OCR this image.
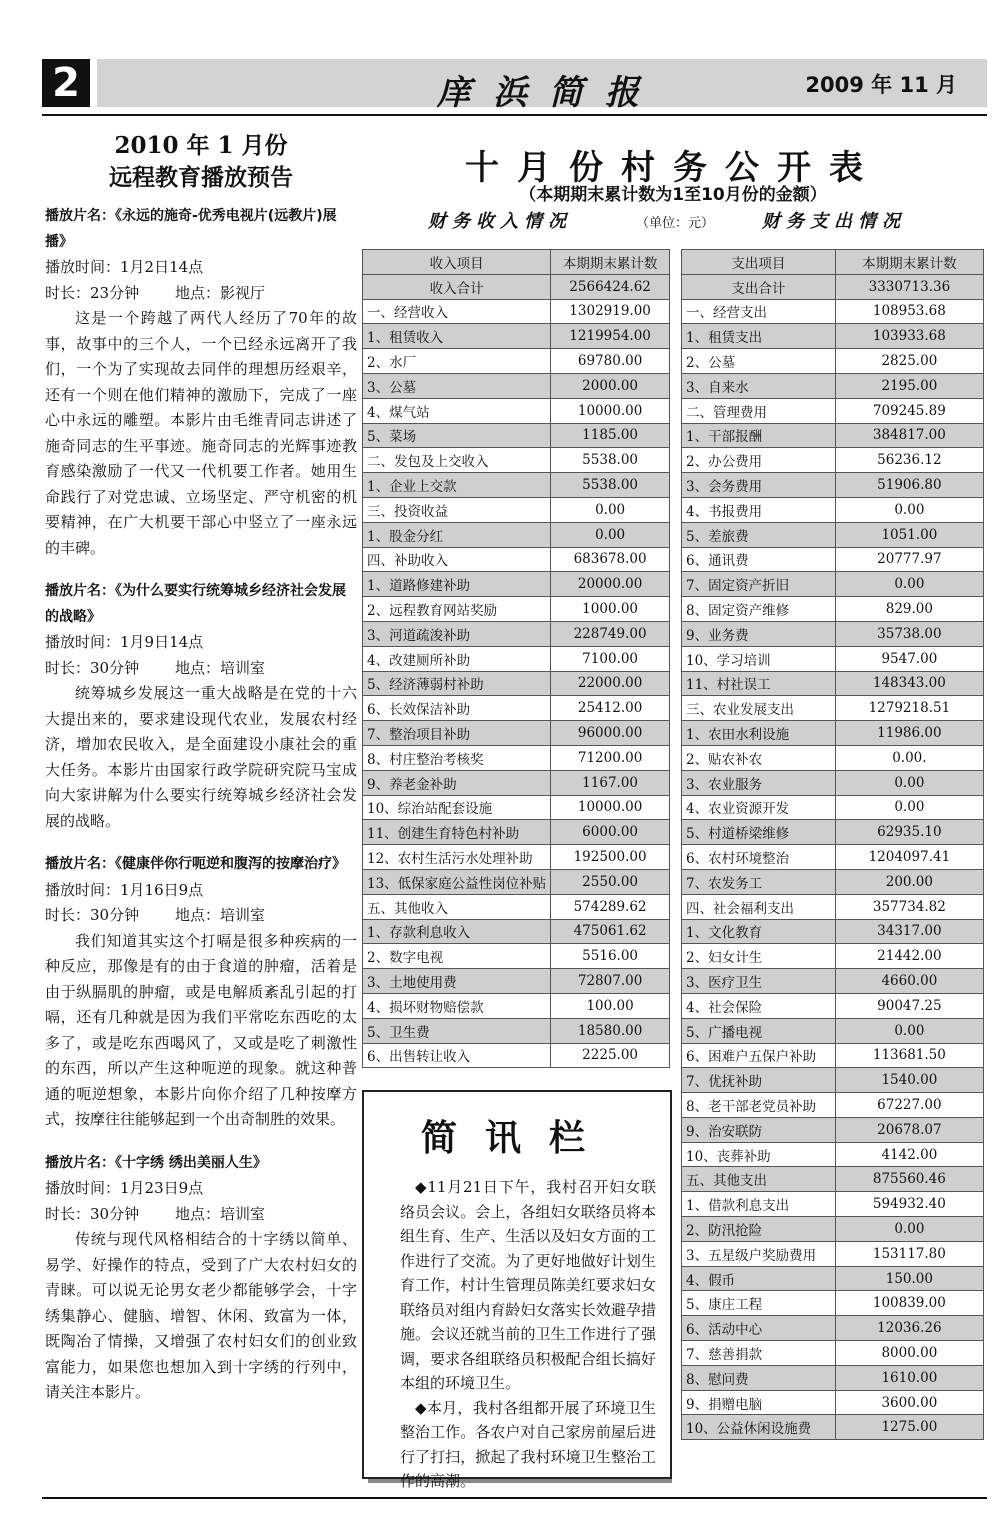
2	庠浜简报	2009 年 11 月
2010 年 1 月份
远程教育播放预告
播放片名：《永远的施奇-优秀电视片(远教片)展播》
播放时间：1月2日14点
时长：23分钟 地点：影视厅
这是一个跨越了两代人经历了70年的故事，故事中的三个人，一个已经永远离开了我们，一个为了实现故去同伴的理想历经艰辛，还有一个则在他们精神的激励下，完成了一座心中永远的雕塑。本影片由毛维青同志讲述了施奇同志的生平事迹。施奇同志的光辉事迹教育感染激励了一代又一代机要工作者。她用生命践行了对党忠诚、立场坚定、严守机密的机要精神，在广大机要干部心中竖立了一座永远的丰碑。
播放片名：《为什么要实行统筹城乡经济社会发展的战略》
播放时间：1月9日14点
时长：30分钟 地点：培训室
统筹城乡发展这一重大战略是在党的十六大提出来的，要求建设现代农业，发展农村经济，增加农民收入，是全面建设小康社会的重大任务。本影片由国家行政学院研究院马宝成向大家讲解为什么要实行统筹城乡经济社会发展的战略。
播放片名：《健康伴你行呃逆和腹泻的按摩治疗》
播放时间：1月16日9点
时长：30分钟 地点：培训室
我们知道其实这个打嗝是很多种疾病的一种反应，那像是有的由于食道的肿瘤，活着是由于纵膈肌的肿瘤，或是电解质紊乱引起的打嗝，还有几种就是因为我们平常吃东西吃的太多了，或是吃东西喝风了，又或是吃了刺激性的东西，所以产生这种呃逆的现象。就这种普通的呃逆想象，本影片向你介绍了几种按摩方式，按摩往往能够起到一个出奇制胜的效果。
播放片名：《十字绣 绣出美丽人生》
播放时间：1月23日9点
时长：30分钟 地点：培训室
传统与现代风格相结合的十字绣以简单、易学、好操作的特点，受到了广大农村妇女的青睐。可以说无论男女老少都能够学会，十字绣集静心、健脑、增智、休闲、致富为一体，既陶冶了情操，又增强了农村妇女们的创业致富能力，如果您也想加入到十字绣的行列中，请关注本影片。
十月份村务公开表
（本期期末累计数为1至10月份的金额）
财务收入情况	（单位：元）	财务支出情况
收入项目	本期期末累计数
收入合计	2566424.62
一、经营收入	1302919.00
1、租赁收入	1219954.00
2、水厂	69780.00
3、公墓	2000.00
4、煤气站	10000.00
5、菜场	1185.00
二、发包及上交收入	5538.00
1、企业上交款	5538.00
三、投资收益	0.00
1、股金分红	0.00
四、补助收入	683678.00
1、道路修建补助	20000.00
2、远程教育网站奖励	1000.00
3、河道疏浚补助	228749.00
4、改建厕所补助	7100.00
5、经济薄弱村补助	22000.00
6、长效保洁补助	25412.00
7、整治项目补助	96000.00
8、村庄整治考核奖	71200.00
9、养老金补助	1167.00
10、综治站配套设施	10000.00
11、创建生育特色村补助	6000.00
12、农村生活污水处理补助	192500.00
13、低保家庭公益性岗位补贴	2550.00
五、其他收入	574289.62
1、存款利息收入	475061.62
2、数字电视	5516.00
3、土地使用费	72807.00
4、损坏财物赔偿款	100.00
5、卫生费	18580.00
6、出售转让收入	2225.00
支出项目	本期期末累计数
支出合计	3330713.36
一、经营支出	108953.68
1、租赁支出	103933.68
2、公墓	2825.00
3、自来水	2195.00
二、管理费用	709245.89
1、干部报酬	384817.00
2、办公费用	56236.12
3、会务费用	51906.80
4、书报费用	0.00
5、差旅费	1051.00
6、通讯费	20777.97
7、固定资产折旧	0.00
8、固定资产维修	829.00
9、业务费	35738.00
10、学习培训	9547.00
11、村社误工	148343.00
三、农业发展支出	1279218.51
1、农田水利设施	11986.00
2、贴农补农	0.00.
3、农业服务	0.00
4、农业资源开发	0.00
5、村道桥梁维修	62935.10
6、农村环境整治	1204097.41
7、农发务工	200.00
四、社会福利支出	357734.82
1、文化教育	34317.00
2、妇女计生	21442.00
3、医疗卫生	4660.00
4、社会保险	90047.25
5、广播电视	0.00
6、困难户五保户补助	113681.50
7、优抚补助	1540.00
8、老干部老党员补助	67227.00
9、治安联防	20678.07
10、丧葬补助	4142.00
五、其他支出	875560.46
1、借款利息支出	594932.40
2、防汛抢险	0.00
3、五星级户奖励费用	153117.80
4、假币	150.00
5、康庄工程	100839.00
6、活动中心	12036.26
7、慈善捐款	8000.00
8、慰问费	1610.00
9、捐赠电脑	3600.00
10、公益休闲设施费	1275.00
简讯栏
◆11月21日下午，我村召开妇女联络员会议。会上，各组妇女联络员将本组生育、生产、生活以及妇女方面的工作进行了交流。为了更好地做好计划生育工作，村计生管理员陈美红要求妇女联络员对组内育龄妇女落实长效避孕措施。会议还就当前的卫生工作进行了强调，要求各组联络员积极配合组长搞好本组的环境卫生。
◆本月，我村各组都开展了环境卫生整治工作。各农户对自己家房前屋后进行了打扫，掀起了我村环境卫生整治工作的高潮。
